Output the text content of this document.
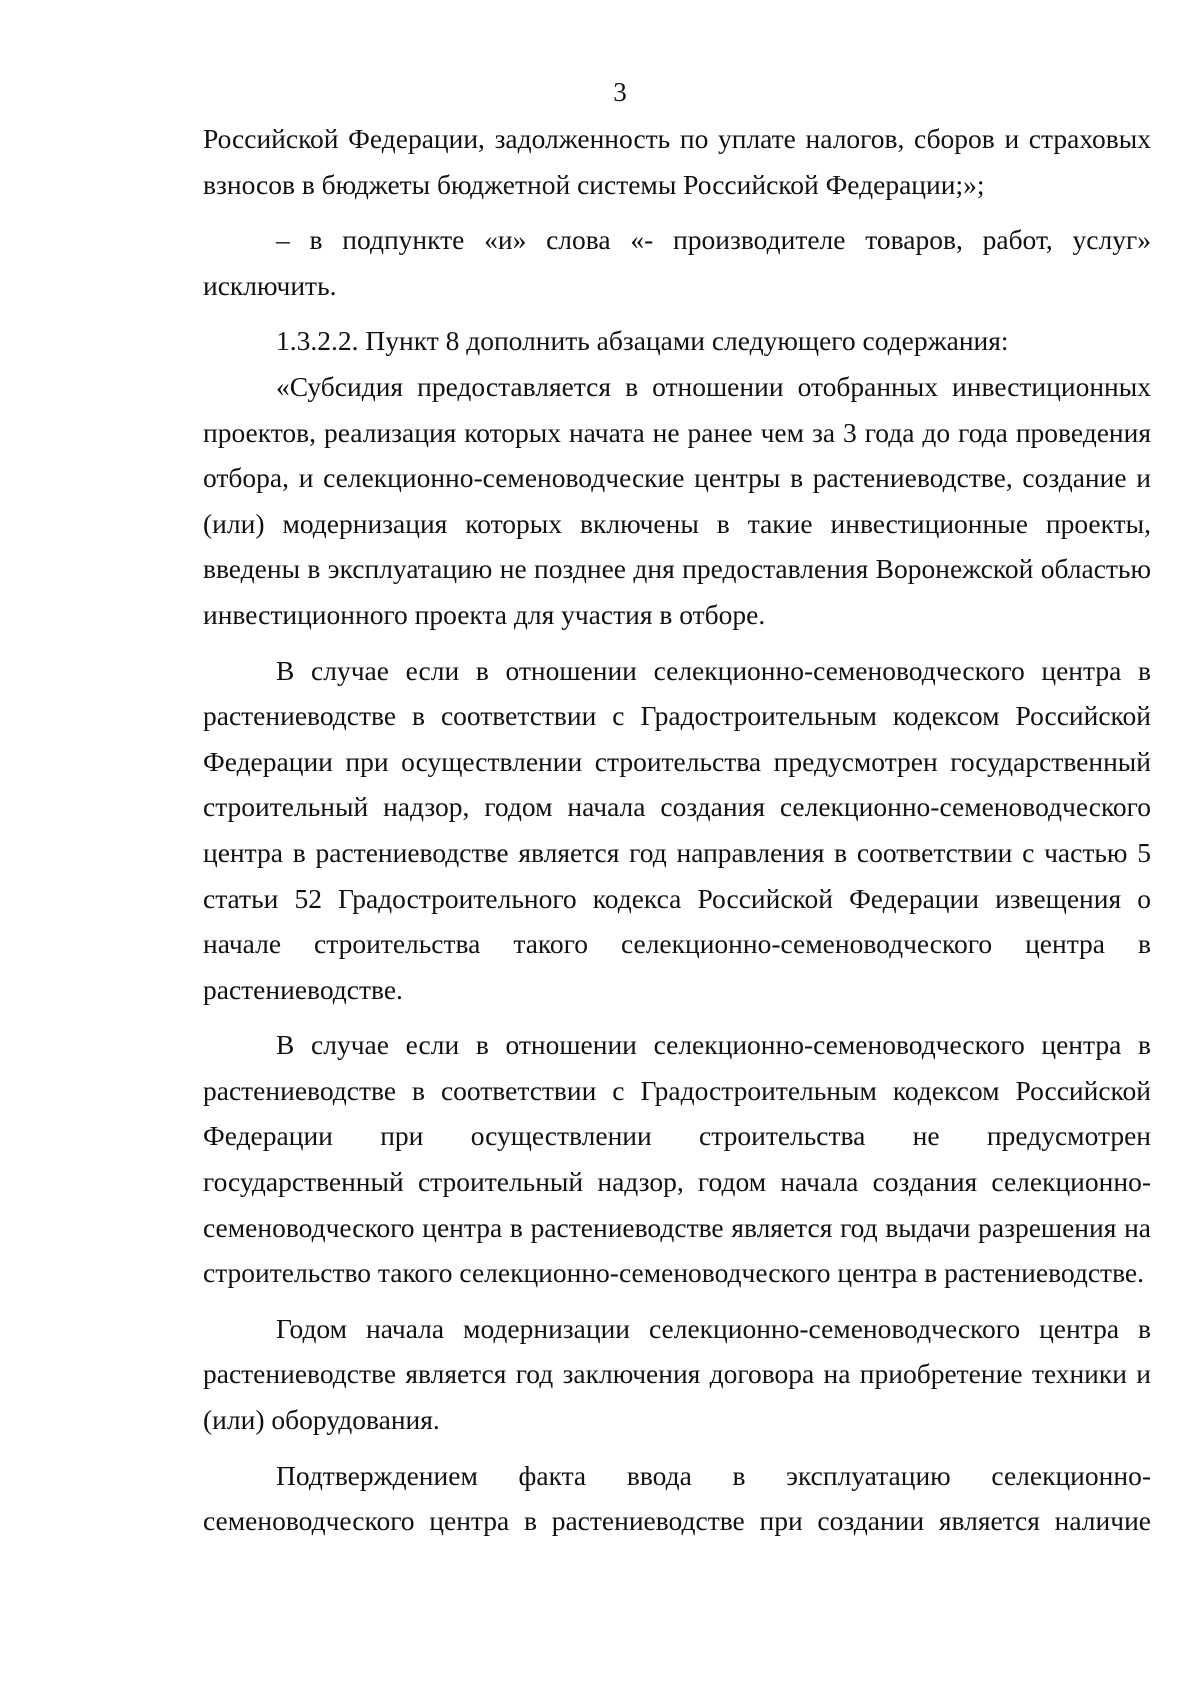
3

Российской Федерации, задолженность по уплате налогов, сборов и страховых взносов в бюджеты бюджетной системы Российской Федерации;»;

– в подпункте «и» слова «- производителе товаров, работ, услуг» исключить.

1.3.2.2. Пункт 8 дополнить абзацами следующего содержания:

«Субсидия предоставляется в отношении отобранных инвестиционных проектов, реализация которых начата не ранее чем за 3 года до года проведения отбора, и селекционно-семеноводческие центры в растениеводстве, создание и (или) модернизация которых включены в такие инвестиционные проекты, введены в эксплуатацию не позднее дня предоставления Воронежской областью инвестиционного проекта для участия в отборе.

В случае если в отношении селекционно-семеноводческого центра в растениеводстве в соответствии с Градостроительным кодексом Российской Федерации при осуществлении строительства предусмотрен государственный строительный надзор, годом начала создания селекционно-семеноводческого центра в растениеводстве является год направления в соответствии с частью 5 статьи 52 Градостроительного кодекса Российской Федерации извещения о начале строительства такого селекционно-семеноводческого центра в растениеводстве.

В случае если в отношении селекционно-семеноводческого центра в растениеводстве в соответствии с Градостроительным кодексом Российской Федерации при осуществлении строительства не предусмотрен государственный строительный надзор, годом начала создания селекционно-семеноводческого центра в растениеводстве является год выдачи разрешения на строительство такого селекционно-семеноводческого центра в растениеводстве.

Годом начала модернизации селекционно-семеноводческого центра в растениеводстве является год заключения договора на приобретение техники и (или) оборудования.

Подтверждением факта ввода в эксплуатацию селекционно-семеноводческого центра в растениеводстве при создании является наличие
